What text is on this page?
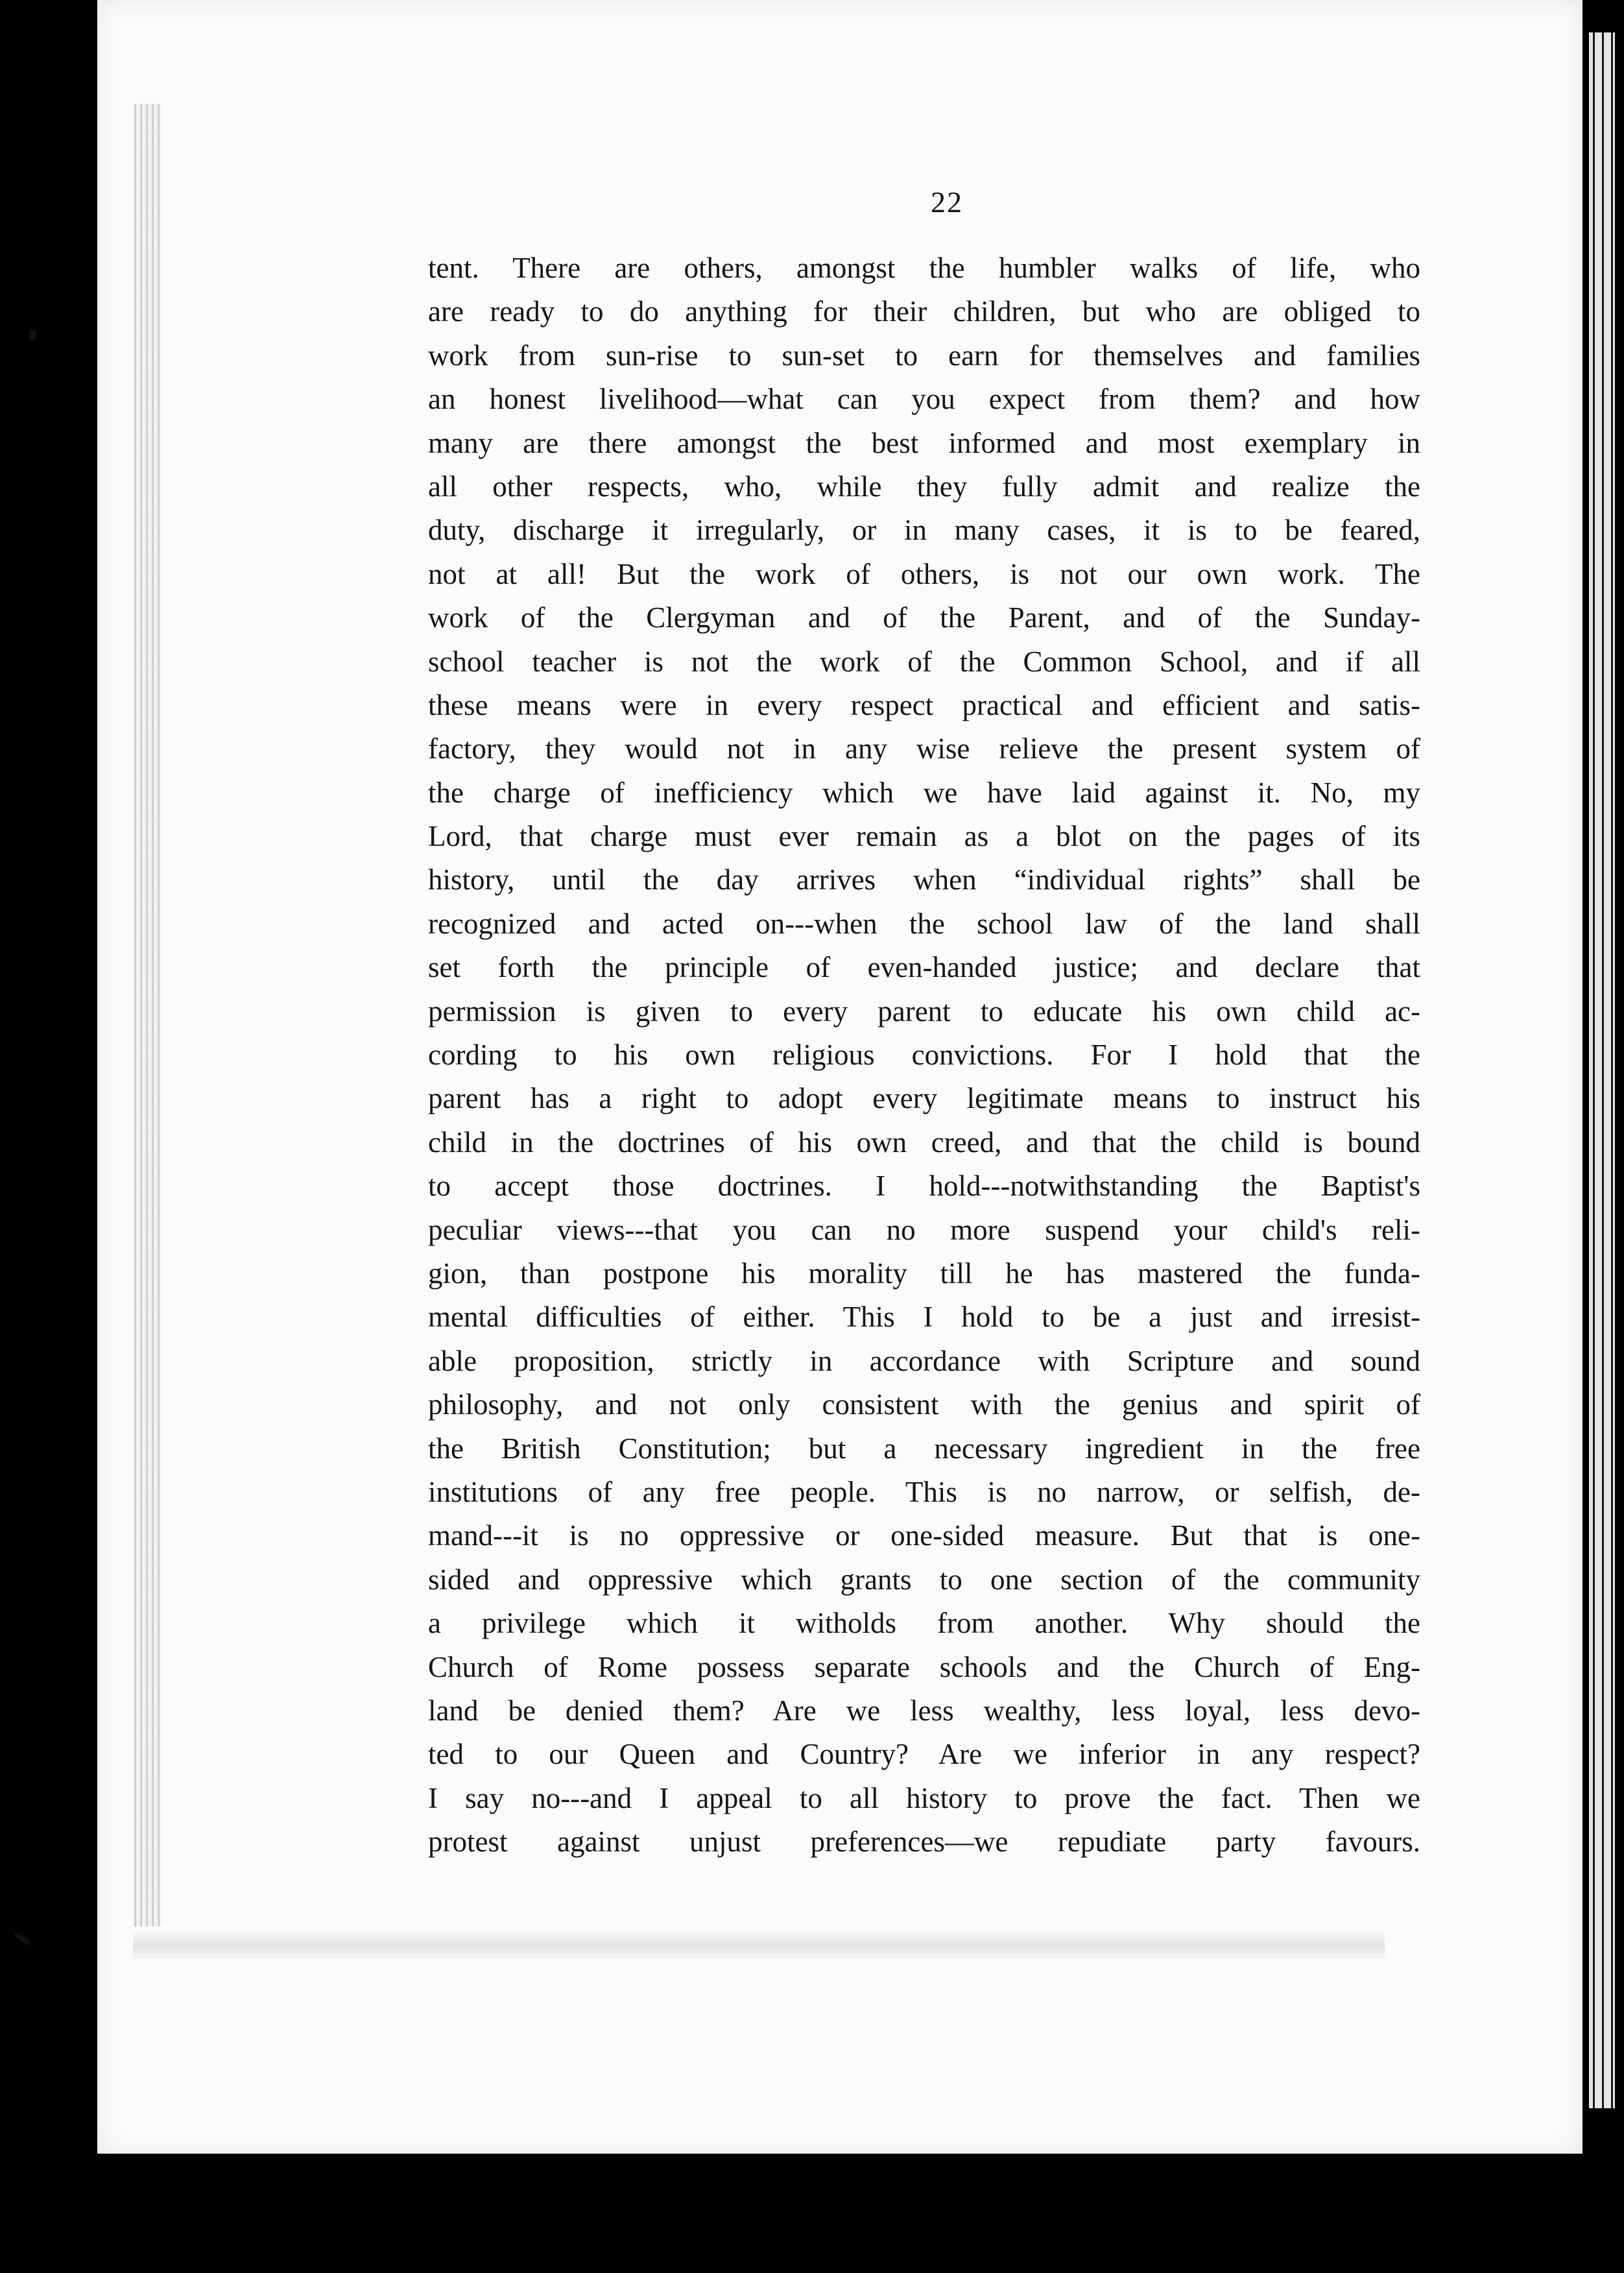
22
tent. There are others, amongst the humbler walks of life, who
are ready to do anything for their children, but who are obliged to
work from sun-rise to sun-set to earn for themselves and families
an honest livelihood—what can you expect from them? and how
many are there amongst the best informed and most exemplary in
all other respects, who, while they fully admit and realize the
duty, discharge it irregularly, or in many cases, it is to be feared,
not at all! But the work of others, is not our own work. The
work of the Clergyman and of the Parent, and of the Sunday-
school teacher is not the work of the Common School, and if all
these means were in every respect practical and efficient and satis-
factory, they would not in any wise relieve the present system of
the charge of inefficiency which we have laid against it. No, my
Lord, that charge must ever remain as a blot on the pages of its
history, until the day arrives when “individual rights” shall be
recognized and acted on---when the school law of the land shall
set forth the principle of even-handed justice; and declare that
permission is given to every parent to educate his own child ac-
cording to his own religious convictions. For I hold that the
parent has a right to adopt every legitimate means to instruct his
child in the doctrines of his own creed, and that the child is bound
to accept those doctrines. I hold---notwithstanding the Baptist's
peculiar views---that you can no more suspend your child's reli-
gion, than postpone his morality till he has mastered the funda-
mental difficulties of either. This I hold to be a just and irresist-
able proposition, strictly in accordance with Scripture and sound
philosophy, and not only consistent with the genius and spirit of
the British Constitution; but a necessary ingredient in the free
institutions of any free people. This is no narrow, or selfish, de-
mand---it is no oppressive or one-sided measure. But that is one-
sided and oppressive which grants to one section of the community
a privilege which it witholds from another. Why should the
Church of Rome possess separate schools and the Church of Eng-
land be denied them? Are we less wealthy, less loyal, less devo-
ted to our Queen and Country? Are we inferior in any respect?
I say no---and I appeal to all history to prove the fact. Then we
protest against unjust preferences—we repudiate party favours.
